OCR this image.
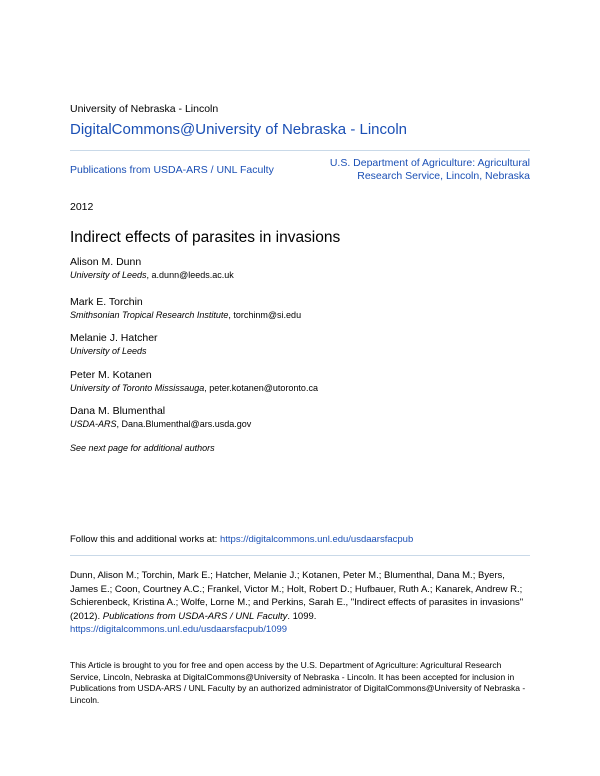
University of Nebraska - Lincoln
DigitalCommons@University of Nebraska - Lincoln
Publications from USDA-ARS / UNL Faculty
U.S. Department of Agriculture: Agricultural
Research Service, Lincoln, Nebraska
2012
Indirect effects of parasites in invasions
Alison M. Dunn
University of Leeds, a.dunn@leeds.ac.uk
Mark E. Torchin
Smithsonian Tropical Research Institute, torchinm@si.edu
Melanie J. Hatcher
University of Leeds
Peter M. Kotanen
University of Toronto Mississauga, peter.kotanen@utoronto.ca
Dana M. Blumenthal
USDA-ARS, Dana.Blumenthal@ars.usda.gov
See next page for additional authors
Follow this and additional works at: https://digitalcommons.unl.edu/usdaarsfacpub
Dunn, Alison M.; Torchin, Mark E.; Hatcher, Melanie J.; Kotanen, Peter M.; Blumenthal, Dana M.; Byers, James E.; Coon, Courtney A.C.; Frankel, Victor M.; Holt, Robert D.; Hufbauer, Ruth A.; Kanarek, Andrew R.; Schierenbeck, Kristina A.; Wolfe, Lorne M.; and Perkins, Sarah E., "Indirect effects of parasites in invasions" (2012). Publications from USDA-ARS / UNL Faculty. 1099.
https://digitalcommons.unl.edu/usdaarsfacpub/1099
This Article is brought to you for free and open access by the U.S. Department of Agriculture: Agricultural Research Service, Lincoln, Nebraska at DigitalCommons@University of Nebraska - Lincoln. It has been accepted for inclusion in Publications from USDA-ARS / UNL Faculty by an authorized administrator of DigitalCommons@University of Nebraska - Lincoln.
